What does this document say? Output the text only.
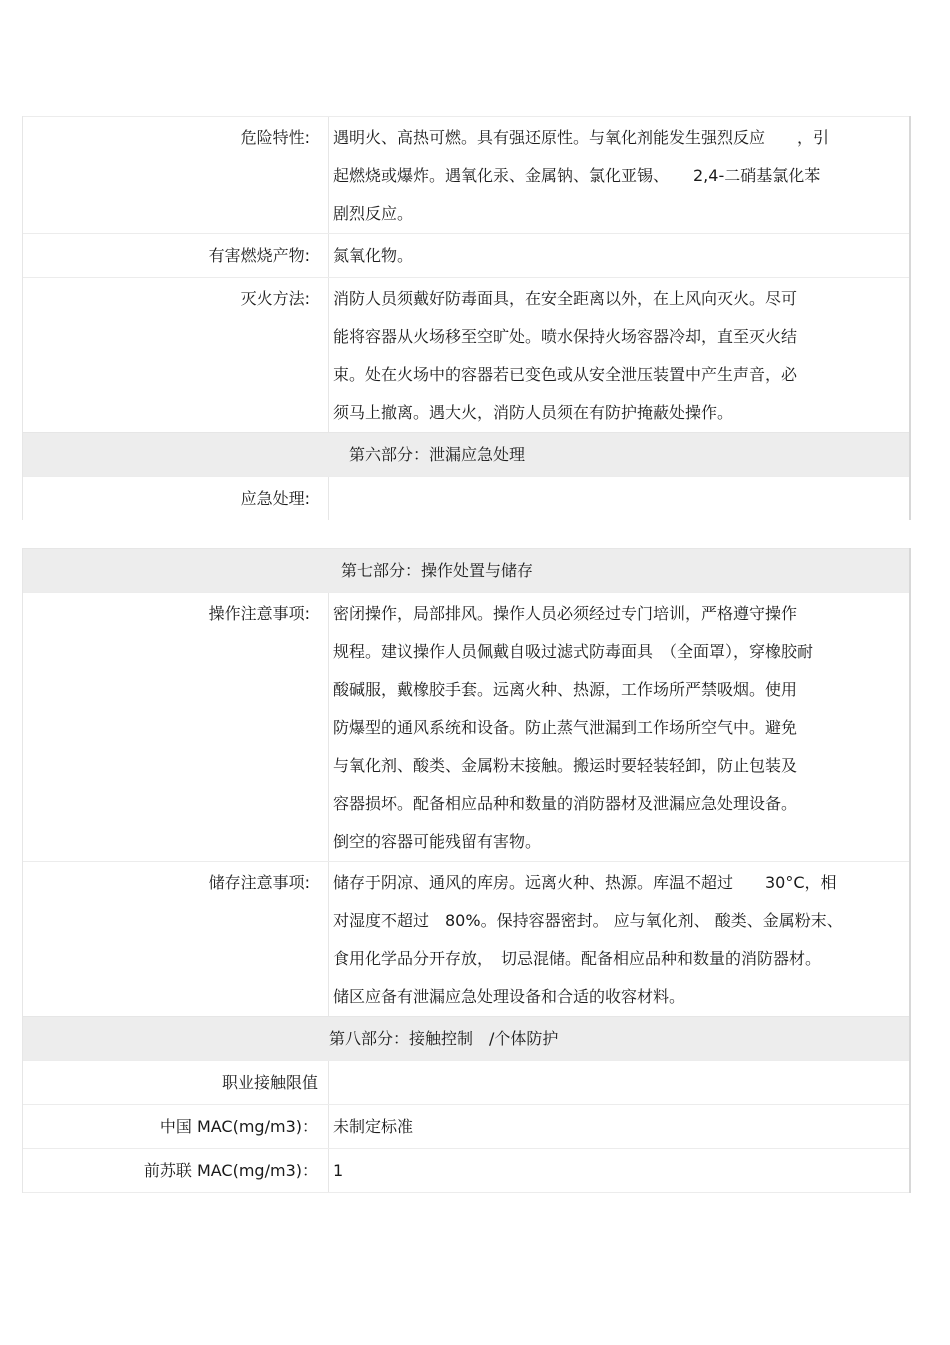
危险特性: 遇明火、高热可燃。具有强还原性。与氧化剂能发生强烈反应　　，引
起燃烧或爆炸。遇氧化汞、金属钠、氯化亚锡、　　2,4-二硝基氯化苯
剧烈反应。
有害燃烧产物: 氮氧化物。
灭火方法: 消防人员须戴好防毒面具，在安全距离以外，在上风向灭火。尽可
能将容器从火场移至空旷处。喷水保持火场容器冷却，直至灭火结
束。处在火场中的容器若已变色或从安全泄压装置中产生声音，必
须马上撤离。遇大火，消防人员须在有防护掩蔽处操作。
第六部分：泄漏应急处理
应急处理:
第七部分：操作处置与储存
操作注意事项: 密闭操作，局部排风。操作人员必须经过专门培训，严格遵守操作
规程。建议操作人员佩戴自吸过滤式防毒面具　（全面罩），穿橡胶耐
酸碱服，戴橡胶手套。远离火种、热源，工作场所严禁吸烟。使用
防爆型的通风系统和设备。防止蒸气泄漏到工作场所空气中。避免
与氧化剂、酸类、金属粉末接触。搬运时要轻装轻卸，防止包装及
容器损坏。配备相应品种和数量的消防器材及泄漏应急处理设备。
倒空的容器可能残留有害物。
储存注意事项: 储存于阴凉、通风的库房。远离火种、热源。库温不超过　　30°C，相
对湿度不超过　80%。保持容器密封。 应与氧化剂、 酸类、金属粉末、
食用化学品分开存放，　切忌混储。配备相应品种和数量的消防器材。
储区应备有泄漏应急处理设备和合适的收容材料。
第八部分：接触控制　/个体防护
职业接触限值
中国 MAC(mg/m3)： 未制定标准
前苏联 MAC(mg/m3)： 1
